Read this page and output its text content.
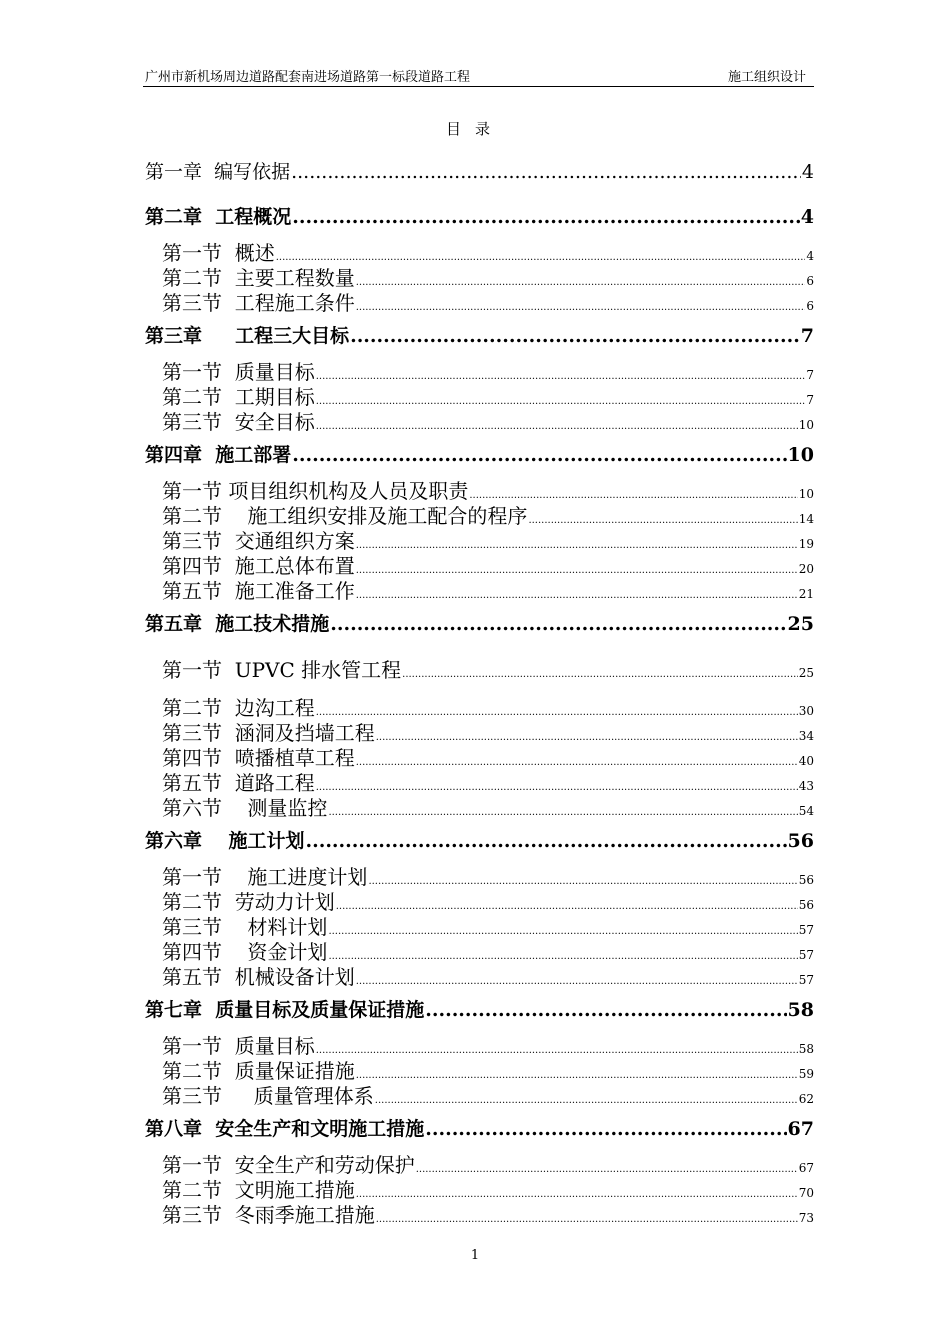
广州市新机场周边道路配套南进场道路第一标段道路工程	施工组织设计
目录
第一章  编写依据 .....	4
第二章  工程概况 .....	4
第一节  概述 .....	4
第二节  主要工程数量 .....	6
第三节  工程施工条件 .....	6
第三章     工程三大目标 .....	7
第一节  质量目标 .....	7
第二节  工期目标 .....	7
第三节  安全目标 .....	10
第四章  施工部署 .....	10
第一节 项目组织机构及人员及职责 .....	10
第二节    施工组织安排及施工配合的程序 .....	14
第三节  交通组织方案 .....	19
第四节  施工总体布置 .....	20
第五节  施工准备工作 .....	21
第五章  施工技术措施 .....	25
第一节  UPVC 排水管工程 .....	25
第二节  边沟工程 .....	30
第三节  涵洞及挡墙工程 .....	34
第四节  喷播植草工程 .....	40
第五节  道路工程 .....	43
第六节    测量监控 .....	54
第六章    施工计划 .....	56
第一节    施工进度计划 .....	56
第二节  劳动力计划 .....	56
第三节    材料计划 .....	57
第四节    资金计划 .....	57
第五节  机械设备计划 .....	57
第七章  质量目标及质量保证措施 .....	58
第一节  质量目标 .....	58
第二节  质量保证措施 .....	59
第三节     质量管理体系 .....	62
第八章  安全生产和文明施工措施 .....	67
第一节  安全生产和劳动保护 .....	67
第二节  文明施工措施 .....	70
第三节  冬雨季施工措施 .....	73
1
